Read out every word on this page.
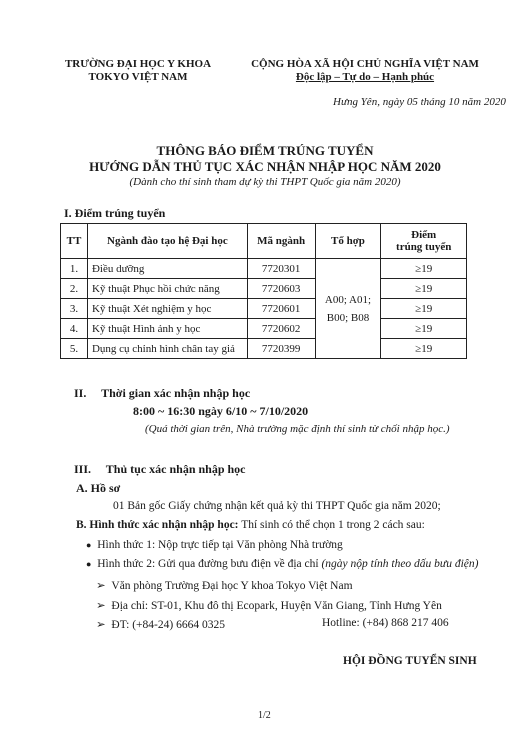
TRƯỜNG ĐẠI HỌC Y KHOA
TOKYO VIỆT NAM
CỘNG HÒA XÃ HỘI CHỦ NGHĨA VIỆT NAM
Độc lập – Tự do – Hạnh phúc
Hưng Yên, ngày 05 tháng 10 năm 2020
THÔNG BÁO ĐIỂM TRÚNG TUYỂN
HƯỚNG DẪN THỦ TỤC XÁC NHẬN NHẬP HỌC NĂM 2020
(Dành cho thí sinh tham dự kỳ thi THPT Quốc gia năm 2020)
I. Điểm trúng tuyển
TT	Ngành đào tạo hệ Đại học	Mã ngành	Tổ hợp	Điểm
trúng tuyển

1.	Điều dưỡng	7720301	A00; A01;
B00; B08	≥19
2.	Kỹ thuật Phục hồi chức năng	7720603		≥19
3.	Kỹ thuật Xét nghiệm y học	7720601		≥19
4.	Kỹ thuật Hình ảnh y học	7720602		≥19
5.	Dụng cụ chỉnh hình chân tay giả	7720399		≥19
II.     Thời gian xác nhận nhập học
8:00 ~ 16:30 ngày 6/10 ~ 7/10/2020
(Quá thời gian trên, Nhà trường mặc định thí sinh từ chối nhập học.)
III.     Thủ tục xác nhận nhập học
A. Hồ sơ
01 Bản gốc Giấy chứng nhận kết quả kỳ thi THPT Quốc gia năm 2020;
B. Hình thức xác nhận nhập học: Thí sinh có thể chọn 1 trong 2 cách sau:
● Hình thức 1: Nộp trực tiếp tại Văn phòng Nhà trường
● Hình thức 2: Gửi qua đường bưu điện về địa chỉ (ngày nộp tính theo dấu bưu điện)
➢ Văn phòng Trường Đại học Y khoa Tokyo Việt Nam
➢ Địa chỉ: ST-01, Khu đô thị Ecopark, Huyện Văn Giang, Tỉnh Hưng Yên
➢ ĐT: (+84-24) 6664 0325	Hotline: (+84) 868 217 406
HỘI ĐỒNG TUYỂN SINH
1/2
